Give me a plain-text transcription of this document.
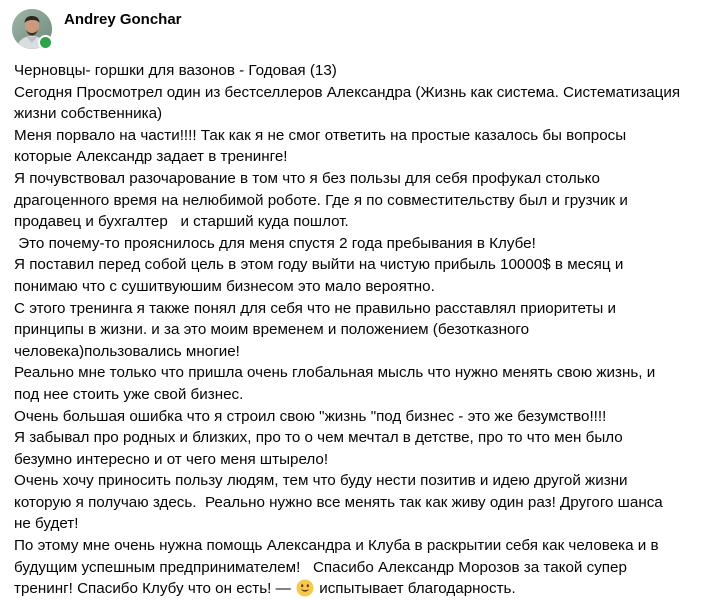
Andrey Gonchar
Черновцы- горшки для вазонов - Годовая (13)
Сегодня Просмотрел один из бестселлеров Александра (Жизнь как система. Систематизация
жизни собственника)
Меня порвало на части!!!! Так как я не смог ответить на простые казалось бы вопросы
которые Александр задает в тренинге!
Я почувствовал разочарование в том что я без пользы для себя профукал столько
драгоценного время на нелюбимой роботе. Где я по совместительству был и грузчик и
продавец и бухгалтер   и старший куда пошлот.
Это почему-то прояснилось для меня спустя 2 года пребывания в Клубе!
Я поставил перед собой цель в этом году выйти на чистую прибыль 10000$ в месяц и
понимаю что с сушитвуюшим бизнесом это мало вероятно.
С этого тренинга я также понял для себя что не правильно расставлял приоритеты и
принципы в жизни. и за это моим временем и положением (безотказного
человека)пользовались многие!
Реально мне только что пришла очень глобальная мысль что нужно менять свою жизнь, и
под нее стоить уже свой бизнес.
Очень большая ошибка что я строил свою "жизнь "под бизнес - это же безумство!!!!
Я забывал про родных и близких, про то о чем мечтал в детстве, про то что мен было
безумно интересно и от чего меня штырело!
Очень хочу приносить пользу людям, тем что буду нести позитив и идею другой жизни
которую я получаю здесь.  Реально нужно все менять так как живу один раз! Другого шанса
не будет!
По этому мне очень нужна помощь Александра и Клуба в раскрытии себя как человека и в
будущим успешным предпринимателем!   Спасибо Александр Морозов за такой супер
тренинг! Спасибо Клубу что он есть! —  испытывает благодарность.
